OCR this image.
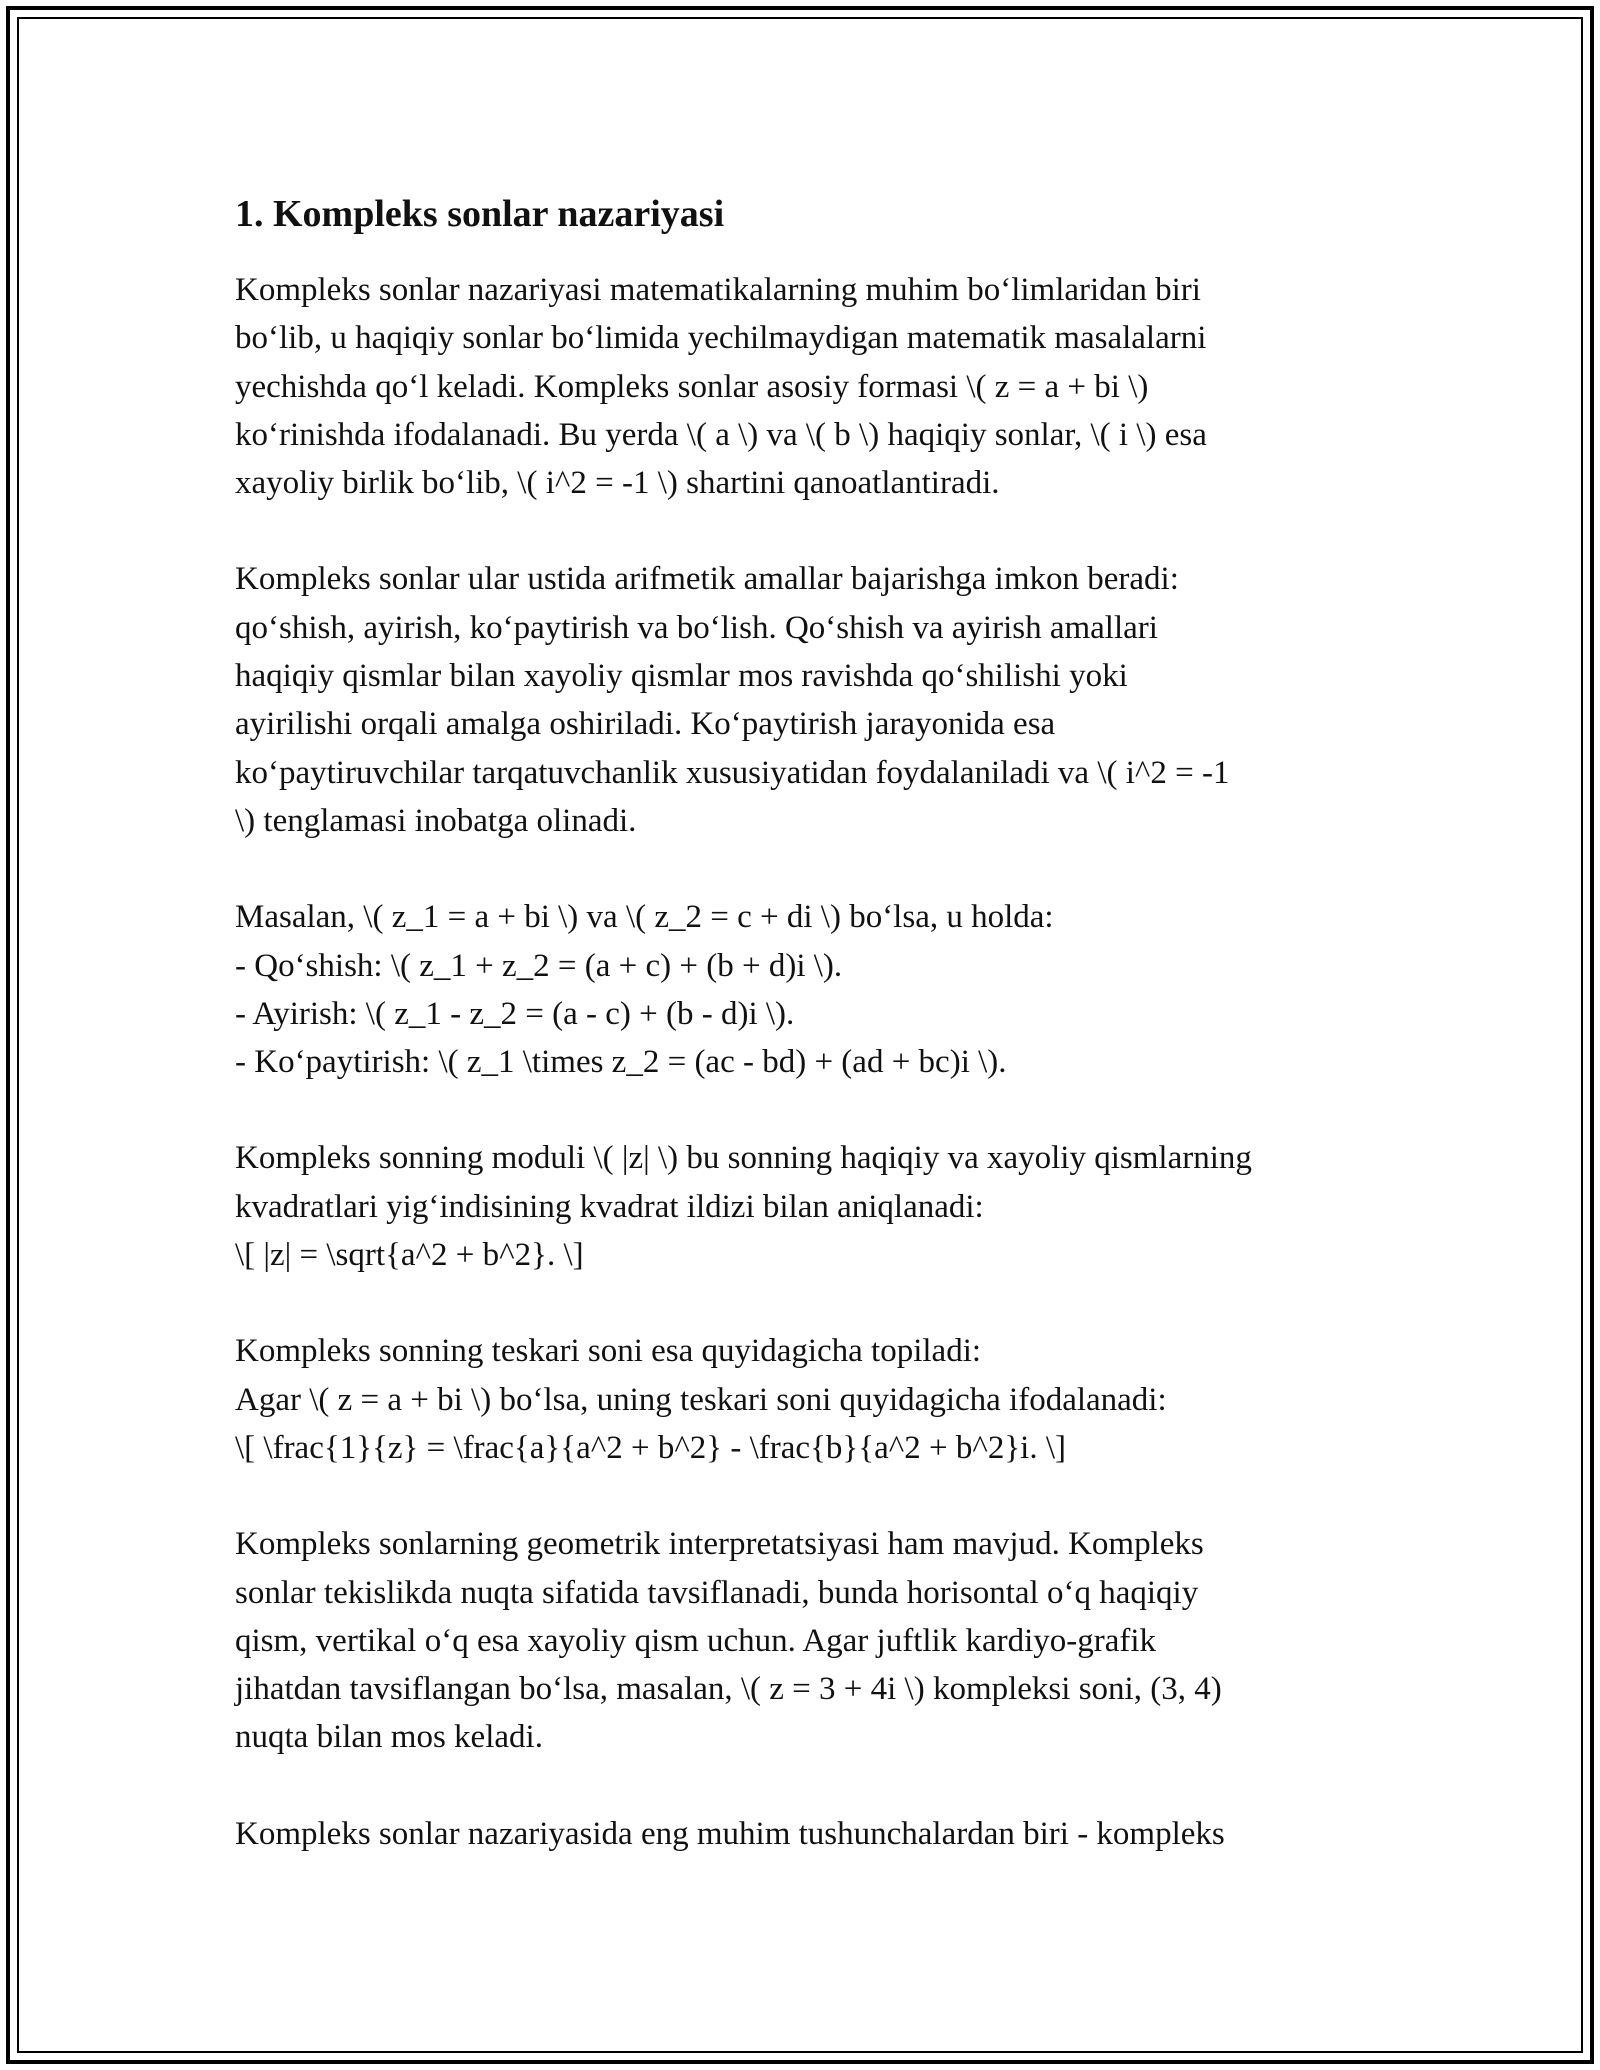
1. Kompleks sonlar nazariyasi

Kompleks sonlar nazariyasi matematikalarning muhim bo‘limlaridan biri
bo‘lib, u haqiqiy sonlar bo‘limida yechilmaydigan matematik masalalarni
yechishda qo‘l keladi. Kompleks sonlar asosiy formasi \( z = a + bi \)
ko‘rinishda ifodalanadi. Bu yerda \( a \) va \( b \) haqiqiy sonlar, \( i \) esa
xayoliy birlik bo‘lib, \( i^2 = -1 \) shartini qanoatlantiradi.

Kompleks sonlar ular ustida arifmetik amallar bajarishga imkon beradi:
qo‘shish, ayirish, ko‘paytirish va bo‘lish. Qo‘shish va ayirish amallari
haqiqiy qismlar bilan xayoliy qismlar mos ravishda qo‘shilishi yoki
ayirilishi orqali amalga oshiriladi. Ko‘paytirish jarayonida esa
ko‘paytiruvchilar tarqatuvchanlik xususiyatidan foydalaniladi va \( i^2 = -1
\) tenglamasi inobatga olinadi.

Masalan, \( z_1 = a + bi \) va \( z_2 = c + di \) bo‘lsa, u holda:
- Qo‘shish: \( z_1 + z_2 = (a + c) + (b + d)i \).
- Ayirish: \( z_1 - z_2 = (a - c) + (b - d)i \).
- Ko‘paytirish: \( z_1 \times z_2 = (ac - bd) + (ad + bc)i \).

Kompleks sonning moduli \( |z| \) bu sonning haqiqiy va xayoliy qismlarning
kvadratlari yig‘indisining kvadrat ildizi bilan aniqlanadi:
\[ |z| = \sqrt{a^2 + b^2}. \]

Kompleks sonning teskari soni esa quyidagicha topiladi:
Agar \( z = a + bi \) bo‘lsa, uning teskari soni quyidagicha ifodalanadi:
\[ \frac{1}{z} = \frac{a}{a^2 + b^2} - \frac{b}{a^2 + b^2}i. \]

Kompleks sonlarning geometrik interpretatsiyasi ham mavjud. Kompleks
sonlar tekislikda nuqta sifatida tavsiflanadi, bunda horisontal o‘q haqiqiy
qism, vertikal o‘q esa xayoliy qism uchun. Agar juftlik kardiyo-grafik
jihatdan tavsiflangan bo‘lsa, masalan, \( z = 3 + 4i \) kompleksi soni, (3, 4)
nuqta bilan mos keladi.

Kompleks sonlar nazariyasida eng muhim tushunchalardan biri - kompleks
